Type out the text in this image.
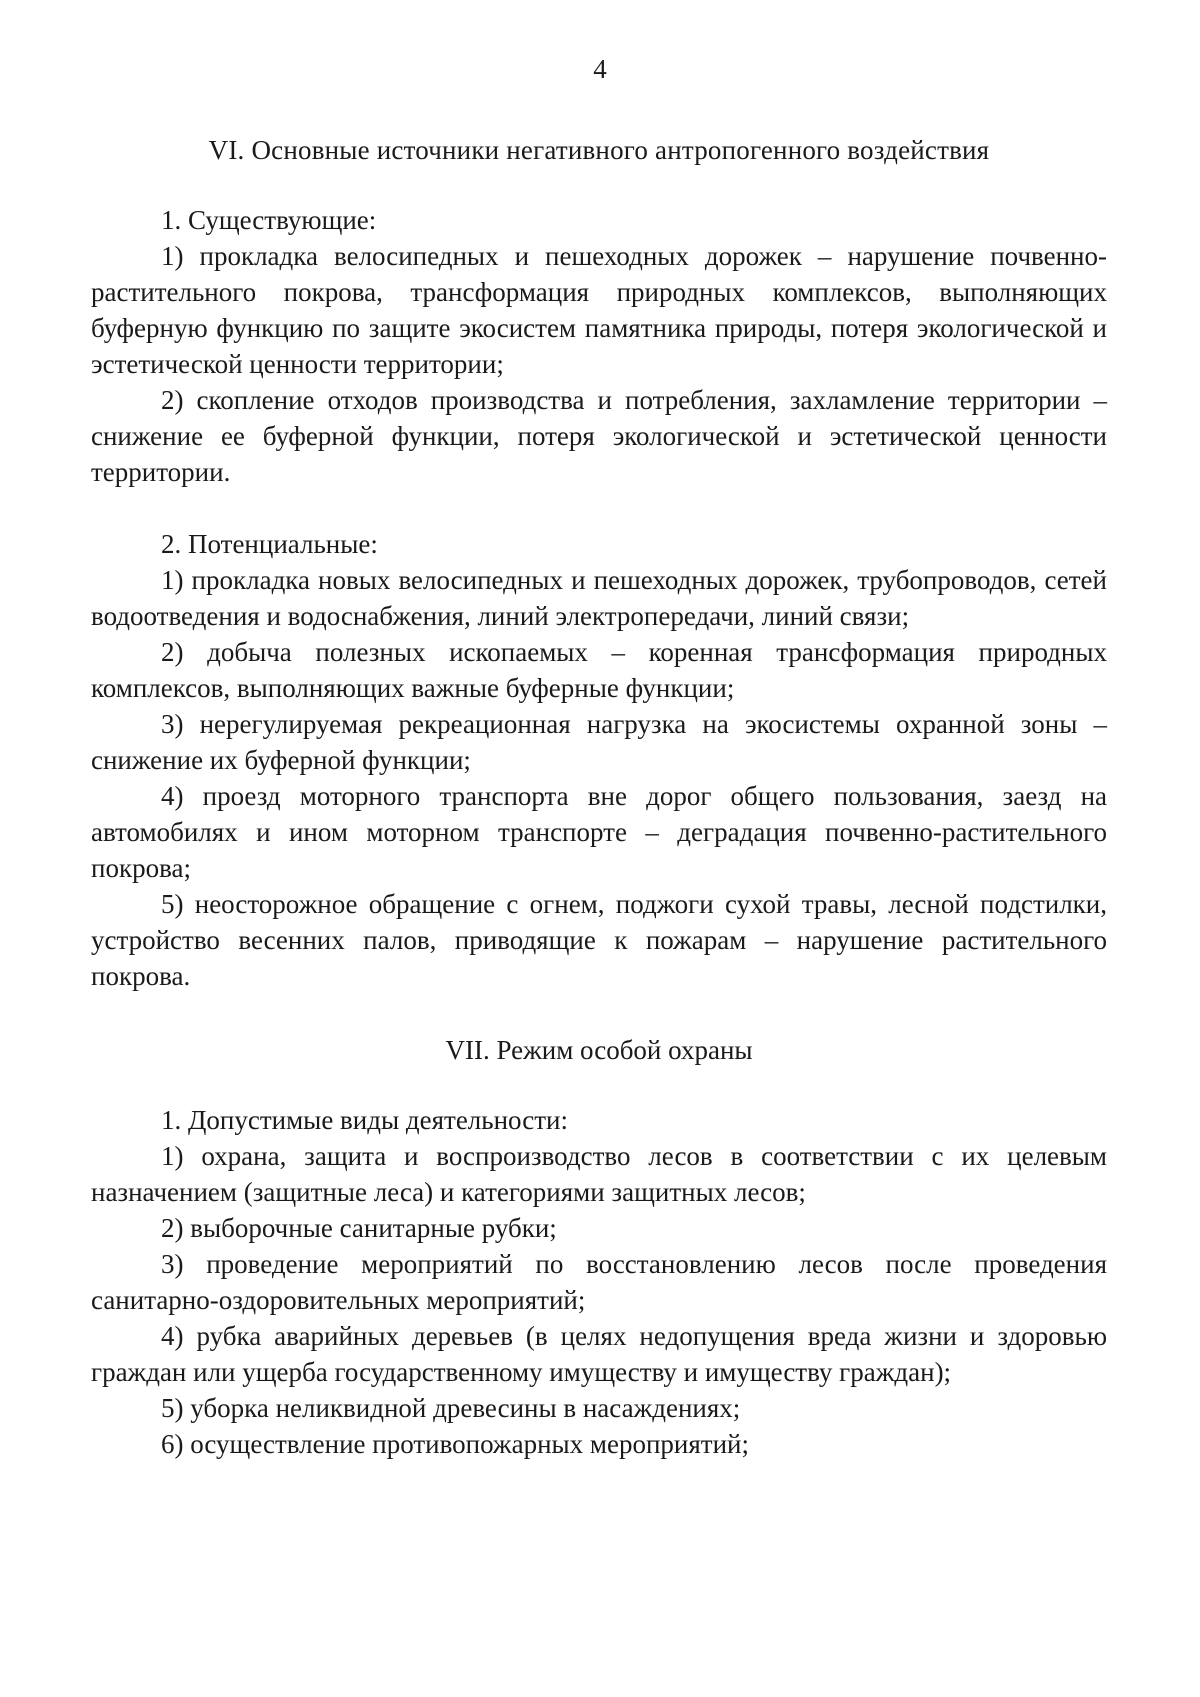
4
VI. Основные источники негативного антропогенного воздействия

1. Существующие:

1) прокладка велосипедных и пешеходных дорожек – нарушение почвенно-растительного покрова, трансформация природных комплексов, выполняющих буферную функцию по защите экосистем памятника природы, потеря экологической и эстетической ценности территории;

2) скопление отходов производства и потребления, захламление территории – снижение ее буферной функции, потеря экологической и эстетической ценности территории.

2. Потенциальные:

1) прокладка новых велосипедных и пешеходных дорожек, трубопроводов, сетей водоотведения и водоснабжения, линий электропередачи, линий связи;

2) добыча полезных ископаемых – коренная трансформация природных комплексов, выполняющих важные буферные функции;

3) нерегулируемая рекреационная нагрузка на экосистемы охранной зоны – снижение их буферной функции;

4) проезд моторного транспорта вне дорог общего пользования, заезд на автомобилях и ином моторном транспорте – деградация почвенно-растительного покрова;

5) неосторожное обращение с огнем, поджоги сухой травы, лесной подстилки, устройство весенних палов, приводящие к пожарам – нарушение растительного покрова.

VII. Режим особой охраны

1. Допустимые виды деятельности:

1) охрана, защита и воспроизводство лесов в соответствии с их целевым назначением (защитные леса) и категориями защитных лесов;

2) выборочные санитарные рубки;

3) проведение мероприятий по восстановлению лесов после проведения санитарно-оздоровительных мероприятий;

4) рубка аварийных деревьев (в целях недопущения вреда жизни и здоровью граждан или ущерба государственному имуществу и имуществу граждан);

5) уборка неликвидной древесины в насаждениях;

6) осуществление противопожарных мероприятий;
